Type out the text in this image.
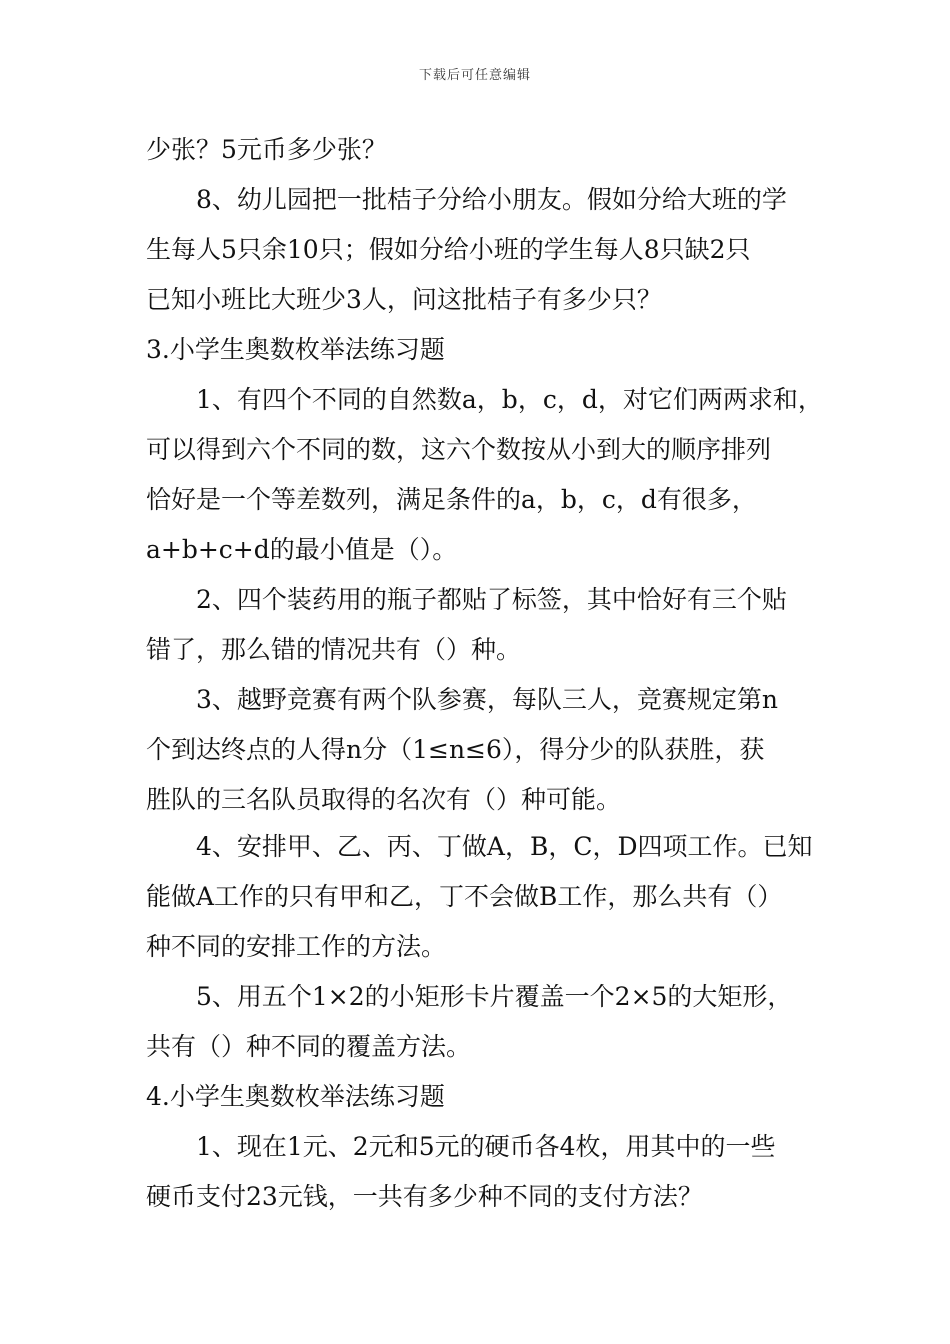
下载后可任意编辑
少张？5元币多少张？
8、幼儿园把一批桔子分给小朋友。假如分给大班的学
生每人5只余10只；假如分给小班的学生每人8只缺2只
已知小班比大班少3人，问这批桔子有多少只？
3.小学生奥数枚举法练习题
1、有四个不同的自然数a，b，c，d，对它们两两求和，
可以得到六个不同的数，这六个数按从小到大的顺序排列
恰好是一个等差数列，满足条件的a，b，c，d有很多，
a+b+c+d的最小值是（）。
2、四个装药用的瓶子都贴了标签，其中恰好有三个贴
错了，那么错的情况共有（）种。
3、越野竞赛有两个队参赛，每队三人，竞赛规定第n
个到达终点的人得n分（1≤n≤6），得分少的队获胜，获
胜队的三名队员取得的名次有（）种可能。
4、安排甲、乙、丙、丁做A，B，C，D四项工作。已知
能做A工作的只有甲和乙，丁不会做B工作，那么共有（）
种不同的安排工作的方法。
5、用五个1×2的小矩形卡片覆盖一个2×5的大矩形，
共有（）种不同的覆盖方法。
4.小学生奥数枚举法练习题
1、现在1元、2元和5元的硬币各4枚，用其中的一些
硬币支付23元钱，一共有多少种不同的支付方法？
